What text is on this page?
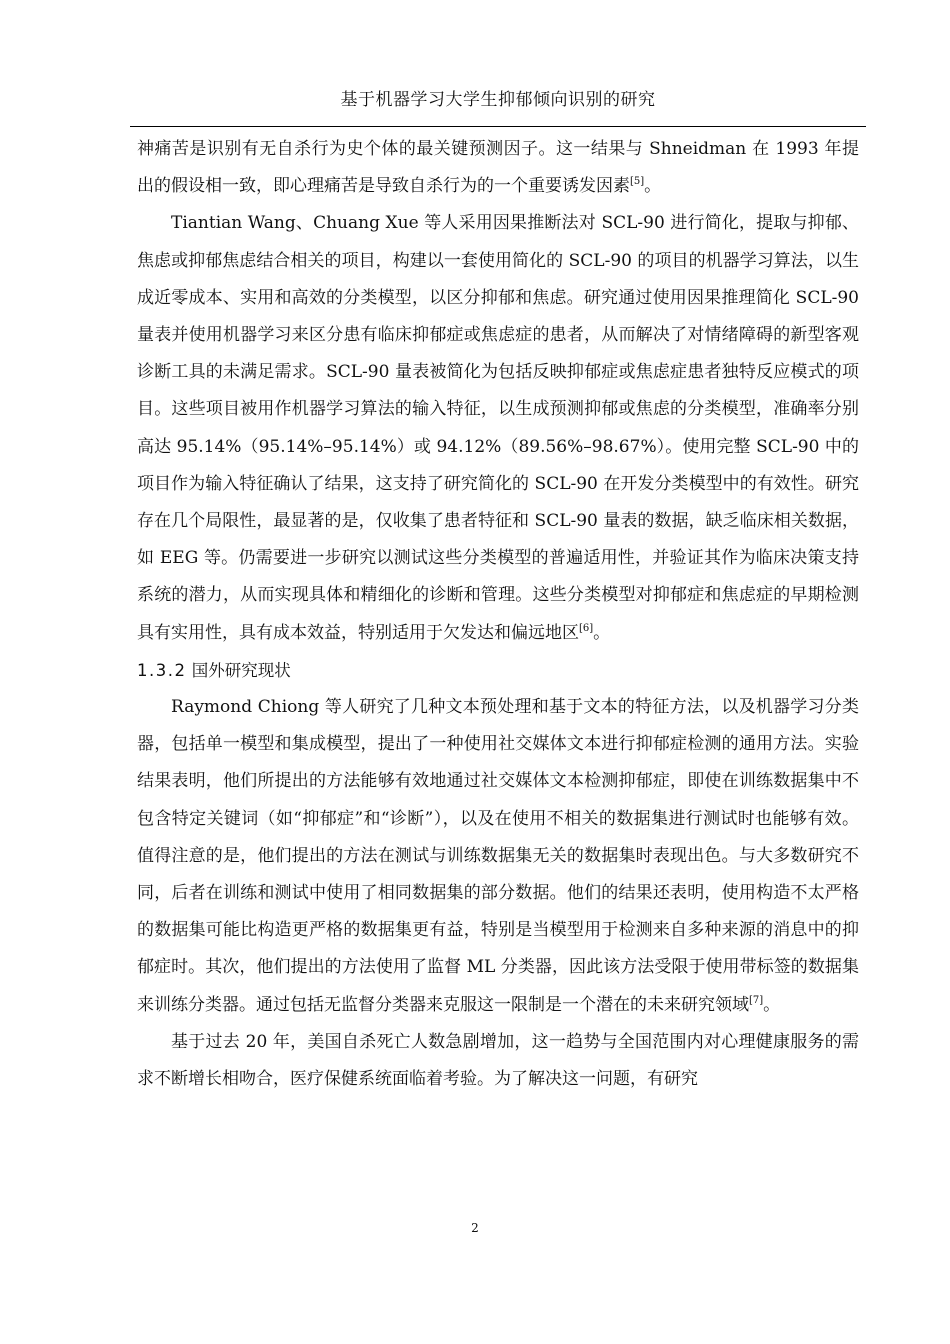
基于机器学习大学生抑郁倾向识别的研究

神痛苦是识别有无自杀行为史个体的最关键预测因子。这一结果与 Shneidman 在 1993 年提出的假设相一致，即心理痛苦是导致自杀行为的一个重要诱发因素[5]。

Tiantian Wang、Chuang Xue 等人采用因果推断法对 SCL-90 进行简化，提取与抑郁、焦虑或抑郁焦虑结合相关的项目，构建以一套使用简化的 SCL-90 的项目的机器学习算法，以生成近零成本、实用和高效的分类模型，以区分抑郁和焦虑。研究通过使用因果推理简化 SCL-90 量表并使用机器学习来区分患有临床抑郁症或焦虑症的患者，从而解决了对情绪障碍的新型客观诊断工具的未满足需求。SCL-90 量表被简化为包括反映抑郁症或焦虑症患者独特反应模式的项目。这些项目被用作机器学习算法的输入特征，以生成预测抑郁或焦虑的分类模型，准确率分别高达 95.14%（95.14%–95.14%）或 94.12%（89.56%–98.67%）。使用完整 SCL-90 中的项目作为输入特征确认了结果，这支持了研究简化的 SCL-90 在开发分类模型中的有效性。研究存在几个局限性，最显著的是，仅收集了患者特征和 SCL-90 量表的数据，缺乏临床相关数据，如 EEG 等。仍需要进一步研究以测试这些分类模型的普遍适用性，并验证其作为临床决策支持系统的潜力，从而实现具体和精细化的诊断和管理。这些分类模型对抑郁症和焦虑症的早期检测具有实用性，具有成本效益，特别适用于欠发达和偏远地区[6]。

1.3.2 国外研究现状

Raymond Chiong 等人研究了几种文本预处理和基于文本的特征方法，以及机器学习分类器，包括单一模型和集成模型，提出了一种使用社交媒体文本进行抑郁症检测的通用方法。实验结果表明，他们所提出的方法能够有效地通过社交媒体文本检测抑郁症，即使在训练数据集中不包含特定关键词（如“抑郁症”和“诊断”），以及在使用不相关的数据集进行测试时也能够有效。值得注意的是，他们提出的方法在测试与训练数据集无关的数据集时表现出色。与大多数研究不同，后者在训练和测试中使用了相同数据集的部分数据。他们的结果还表明，使用构造不太严格的数据集可能比构造更严格的数据集更有益，特别是当模型用于检测来自多种来源的消息中的抑郁症时。其次，他们提出的方法使用了监督 ML 分类器，因此该方法受限于使用带标签的数据集来训练分类器。通过包括无监督分类器来克服这一限制是一个潜在的未来研究领域[7]。

基于过去 20 年，美国自杀死亡人数急剧增加，这一趋势与全国范围内对心理健康服务的需求不断增长相吻合，医疗保健系统面临着考验。为了解决这一问题，有研究

2
